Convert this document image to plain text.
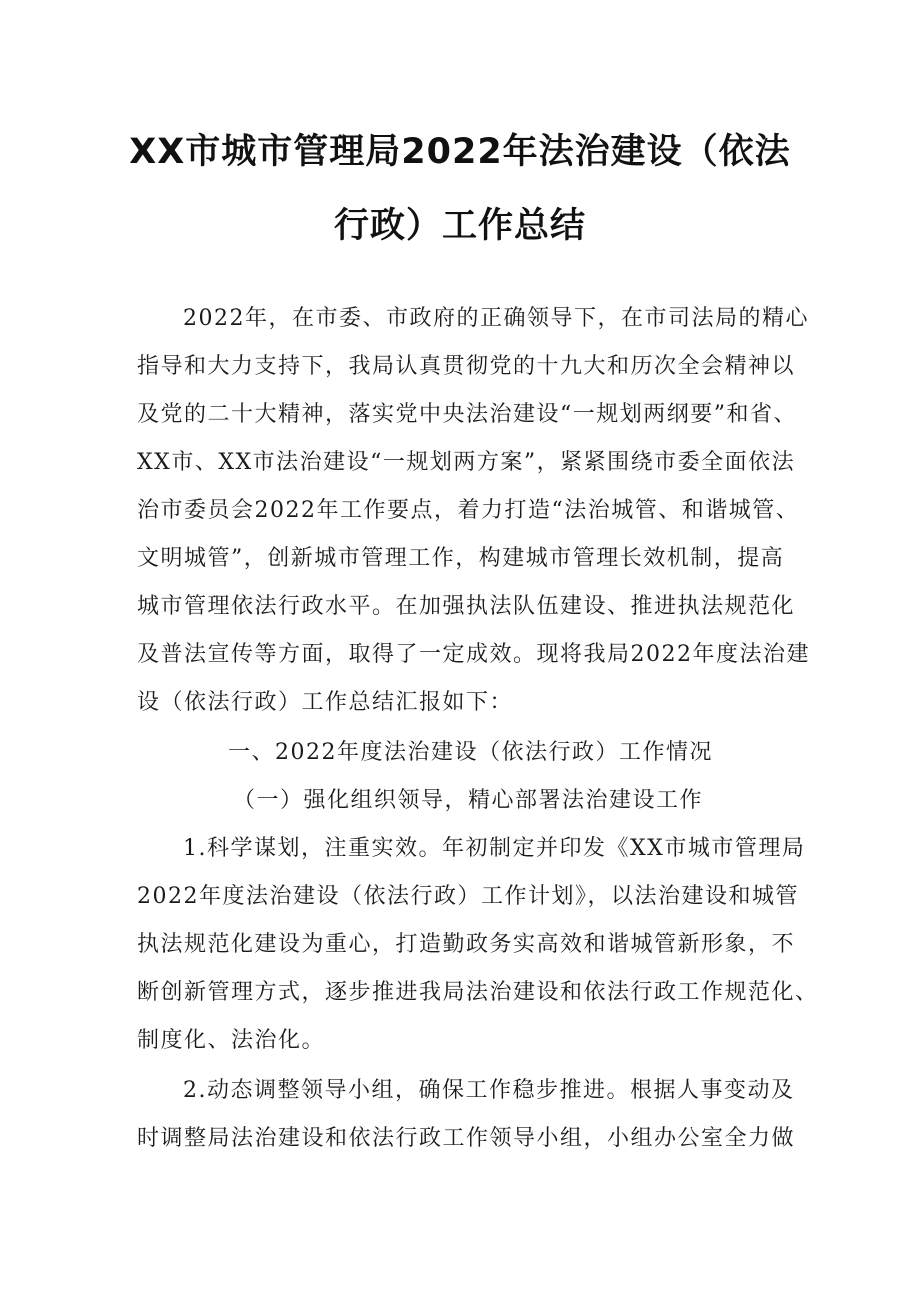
XX市城市管理局2022年法治建设（依法
行政）工作总结
2022年，在市委、市政府的正确领导下，在市司法局的精心
指导和大力支持下，我局认真贯彻党的十九大和历次全会精神以
及党的二十大精神，落实党中央法治建设“一规划两纲要”和省、
XX市、XX市法治建设“一规划两方案”，紧紧围绕市委全面依法
治市委员会2022年工作要点，着力打造“法治城管、和谐城管、
文明城管”，创新城市管理工作，构建城市管理长效机制，提高
城市管理依法行政水平。在加强执法队伍建设、推进执法规范化
及普法宣传等方面，取得了一定成效。现将我局2022年度法治建
设（依法行政）工作总结汇报如下：
一、2022年度法治建设（依法行政）工作情况
（一）强化组织领导，精心部署法治建设工作
1.科学谋划，注重实效。年初制定并印发《XX市城市管理局
2022年度法治建设（依法行政）工作计划》，以法治建设和城管
执法规范化建设为重心，打造勤政务实高效和谐城管新形象，不
断创新管理方式，逐步推进我局法治建设和依法行政工作规范化、
制度化、法治化。
2.动态调整领导小组，确保工作稳步推进。根据人事变动及
时调整局法治建设和依法行政工作领导小组，小组办公室全力做
